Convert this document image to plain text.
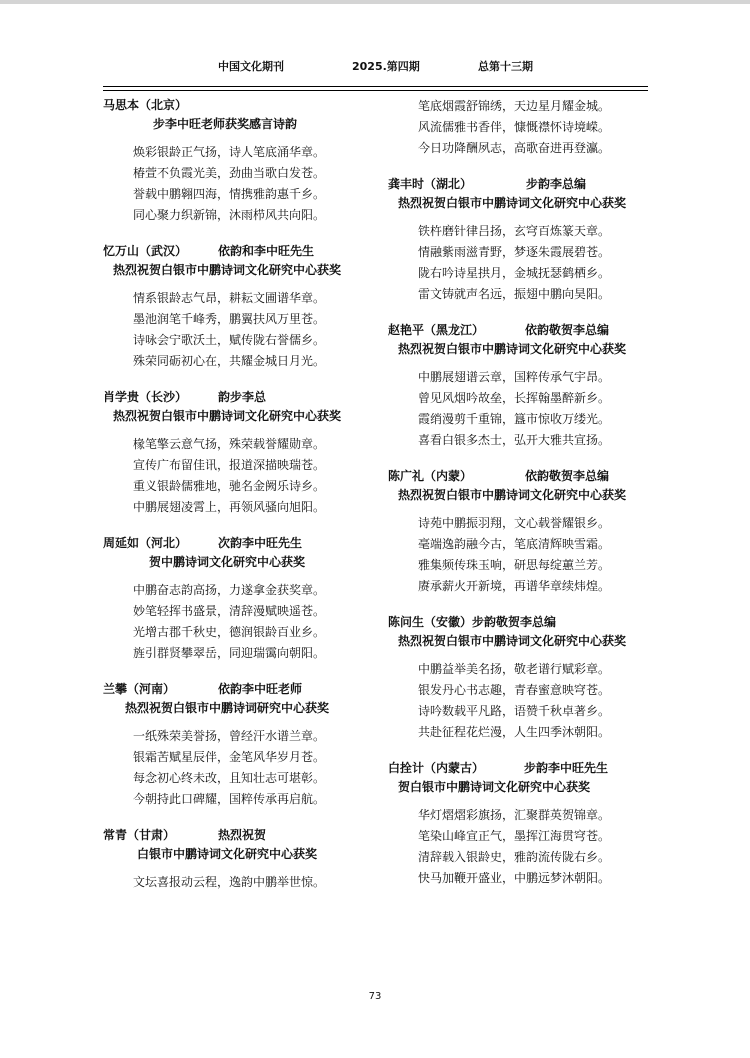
中国文化期刊	2025.第四期	总第十三期
马思本（北京）
步李中旺老师获奖感言诗韵
焕彩银龄正气扬，诗人笔底涌华章。
椿萱不负霞光美，劲曲当歌白发苍。
誉载中鹏翱四海，情携雅韵惠千乡。
同心聚力织新锦，沐雨栉风共向阳。
忆万山（武汉）	依韵和李中旺先生
热烈祝贺白银市中鹏诗词文化研究中心获奖
情系银龄志气昂，耕耘文圃谱华章。
墨池润笔千峰秀，鹏翼扶风万里苍。
诗咏会宁歌沃土，赋传陇右誉儒乡。
殊荣同砺初心在，共耀金城日月光。
肖学贵（长沙）	韵步李总
热烈祝贺白银市中鹏诗词文化研究中心获奖
椽笔擎云意气扬，殊荣载誉耀勋章。
宣传广布留佳讯，报道深描映瑞苍。
重义银龄儒雅地，驰名金阙乐诗乡。
中鹏展翅凌霄上，再领风骚向旭阳。
周延如（河北）	次韵李中旺先生
贺中鹏诗词文化研究中心获奖
中鹏奋志韵高扬，力遂拿金获奖章。
妙笔轻挥书盛景，清辞漫赋映遥苍。
光增古郡千秋史，德润银龄百业乡。
旌引群贤攀翠岳，同迎瑞霭向朝阳。
兰攀（河南）	依韵李中旺老师
热烈祝贺白银市中鹏诗词研究中心获奖
一纸殊荣美誉扬，曾经汗水谱兰章。
银霜苦赋星辰伴，金笔风华岁月苍。
每念初心终未改，且知壮志可堪彰。
今朝持此口碑耀，国粹传承再启航。
常青（甘肃）	热烈祝贺
白银市中鹏诗词文化研究中心获奖
文坛喜报动云程，逸韵中鹏举世惊。
笔底烟霞舒锦绣，天边星月耀金城。
风流儒雅书香伴，慷慨襟怀诗境嵘。
今日功降酬夙志，高歌奋进再登瀛。
龚丰时（湖北）	步韵李总编
热烈祝贺白银市中鹏诗词文化研究中心获奖
铁杵磨针律吕扬，玄穹百炼篆天章。
情融紫雨滋青野，梦逐朱霞展碧苍。
陇右吟诗星拱月，金城抚瑟鹤栖乡。
雷文铸就声名远，振翅中鹏向昊阳。
赵艳平（黑龙江）	依韵敬贺李总编
热烈祝贺白银市中鹏诗词文化研究中心获奖
中鹏展翅谱云章，国粹传承气宇昂。
曾见风烟吟故垒，长挥翰墨醉新乡。
霞绡漫剪千重锦，簋市惊收万缕光。
喜看白银多杰士，弘开大雅共宣扬。
陈广礼（内蒙）	依韵敬贺李总编
热烈祝贺白银市中鹏诗词文化研究中心获奖
诗苑中鹏振羽翔，文心载誉耀银乡。
毫端逸韵融今古，笔底清辉映雪霜。
雅集频传珠玉响，研思每绽蕙兰芳。
赓承薪火开新境，再谱华章续炜煌。
陈问生（安徽）步韵敬贺李总编
热烈祝贺白银市中鹏诗词文化研究中心获奖
中鹏益举美名扬，敬老谱行赋彩章。
银发丹心书志趣，青春蜜意映穹苍。
诗吟数载平凡路，语赞千秋卓著乡。
共赴征程花烂漫，人生四季沐朝阳。
白拴计（内蒙古）	步韵李中旺先生
贺白银市中鹏诗词文化研究中心获奖
华灯熠熠彩旗扬，汇聚群英贺锦章。
笔染山峰宣正气，墨挥江海贯穹苍。
清辞载入银龄史，雅韵流传陇右乡。
快马加鞭开盛业，中鹏远梦沐朝阳。
73
